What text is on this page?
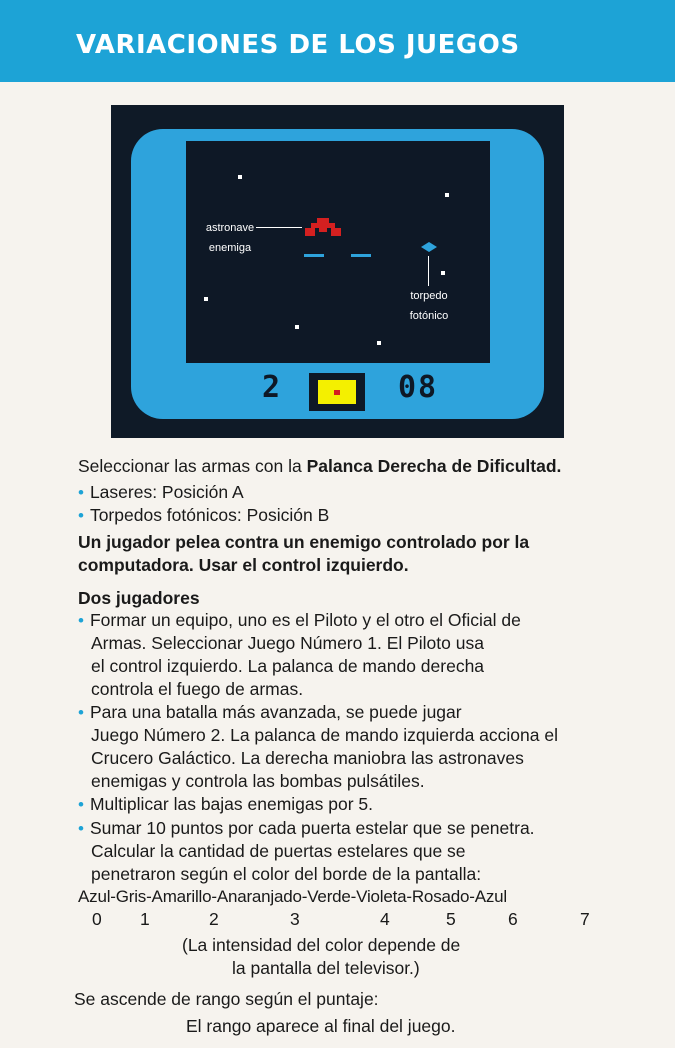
VARIACIONES DE LOS JUEGOS
astronave
enemiga
torpedo
fotónico
2	08
Seleccionar las armas con la Palanca Derecha de Dificultad.
• Laseres: Posición A
• Torpedos fotónicos: Posición B
Un jugador pelea contra un enemigo controlado por la
computadora. Usar el control izquierdo.
Dos jugadores
• Formar un equipo, uno es el Piloto y el otro el Oficial de
Armas. Seleccionar Juego Número 1. El Piloto usa
el control izquierdo. La palanca de mando derecha
controla el fuego de armas.
• Para una batalla más avanzada, se puede jugar
Juego Número 2. La palanca de mando izquierda acciona el
Crucero Galáctico. La derecha maniobra las astronaves
enemigas y controla las bombas pulsátiles.
• Multiplicar las bajas enemigas por 5.
• Sumar 10 puntos por cada puerta estelar que se penetra.
Calcular la cantidad de puertas estelares que se
penetraron según el color del borde de la pantalla:
Azul-Gris-Amarillo-Anaranjado-Verde-Violeta-Rosado-Azul
0 1	2	3	4	5	6	7
(La intensidad del color depende de
la pantalla del televisor.)
Se ascende de rango según el puntaje:
El rango aparece al final del juego.
